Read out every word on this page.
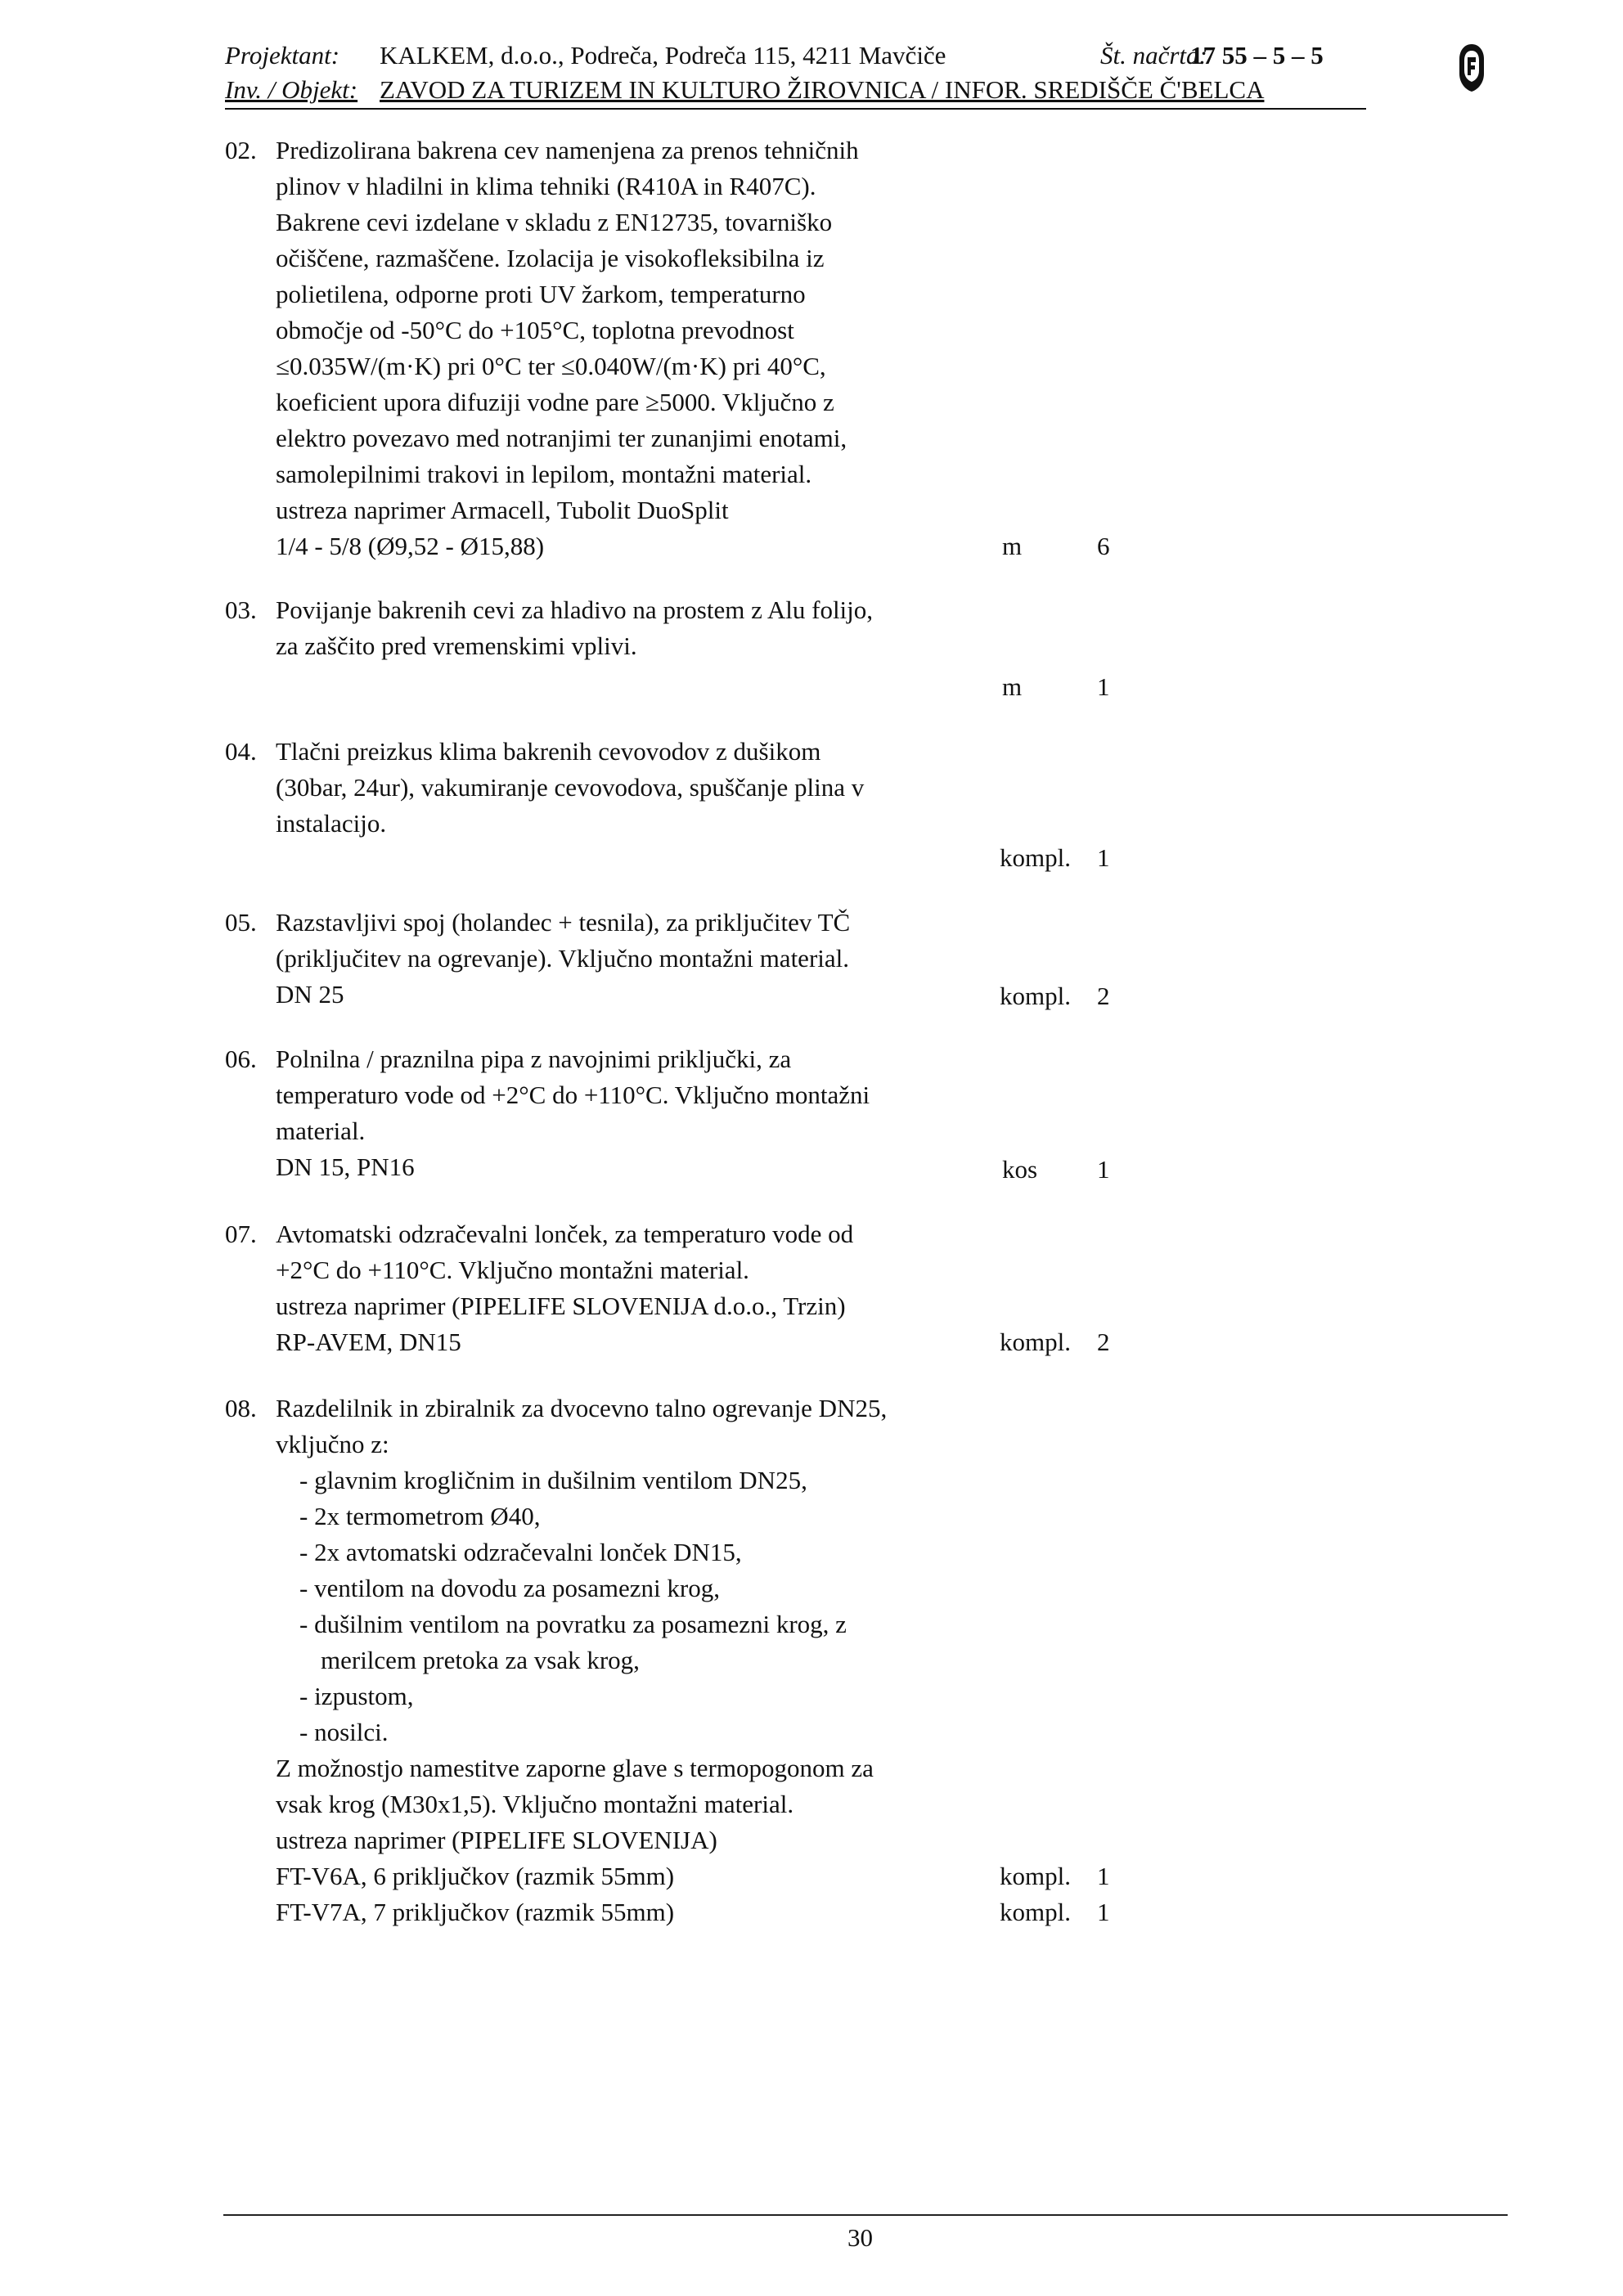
Projektant: KALKEM, d.o.o., Podreča, Podreča 115, 4211 Mavčiče	Št. načrta:
17 55 – 5 – 5
Inv. / Objekt: ZAVOD ZA TURIZEM IN KULTURO ŽIROVNICA / INFOR. SREDIŠČE Č'BELCA
02. Predizolirana bakrena cev namenjena za prenos tehničnih
plinov v hladilni in klima tehniki (R410A in R407C).
Bakrene cevi izdelane v skladu z EN12735, tovarniško
očiščene, razmaščene. Izolacija je visokofleksibilna iz
polietilena, odporne proti UV žarkom, temperaturno
območje od -50°C do +105°C, toplotna prevodnost
≤0.035W/(m·K) pri 0°C ter ≤0.040W/(m·K) pri 40°C,
koeficient upora difuziji vodne pare ≥5000. Vključno z
elektro povezavo med notranjimi ter zunanjimi enotami,
samolepilnimi trakovi in lepilom, montažni material.
ustreza naprimer Armacell, Tubolit DuoSplit
1/4 - 5/8 (Ø9,52 - Ø15,88)	m	6
03. Povijanje bakrenih cevi za hladivo na prostem z Alu folijo,
za zaščito pred vremenskimi vplivi.
m	1
04. Tlačni preizkus klima bakrenih cevovodov z dušikom
(30bar, 24ur), vakumiranje cevovodova, spuščanje plina v
instalacijo.
kompl. 1
05. Razstavljivi spoj (holandec + tesnila), za priključitev TČ
(priključitev na ogrevanje). Vključno montažni material.
DN 25	kompl. 2
06. Polnilna / praznilna pipa z navojnimi priključki, za
temperaturo vode od +2°C do +110°C. Vključno montažni
material.
DN 15, PN16	kos 1
07. Avtomatski odzračevalni lonček, za temperaturo vode od
+2°C do +110°C. Vključno montažni material.
ustreza naprimer (PIPELIFE SLOVENIJA d.o.o., Trzin)
RP-AVEM, DN15	kompl. 2
08. Razdelilnik in zbiralnik za dvocevno talno ogrevanje DN25,
vključno z:
- glavnim krogličnim in dušilnim ventilom DN25,
- 2x termometrom Ø40,
- 2x avtomatski odzračevalni lonček DN15,
- ventilom na dovodu za posamezni krog,
- dušilnim ventilom na povratku za posamezni krog, z
merilcem pretoka za vsak krog,
- izpustom,
- nosilci.
Z možnostjo namestitve zaporne glave s termopogonom za
vsak krog (M30x1,5). Vključno montažni material.
ustreza naprimer (PIPELIFE SLOVENIJA)
FT-V6A, 6 priključkov (razmik 55mm)	kompl. 1
FT-V7A, 7 priključkov (razmik 55mm)	kompl. 1
30
